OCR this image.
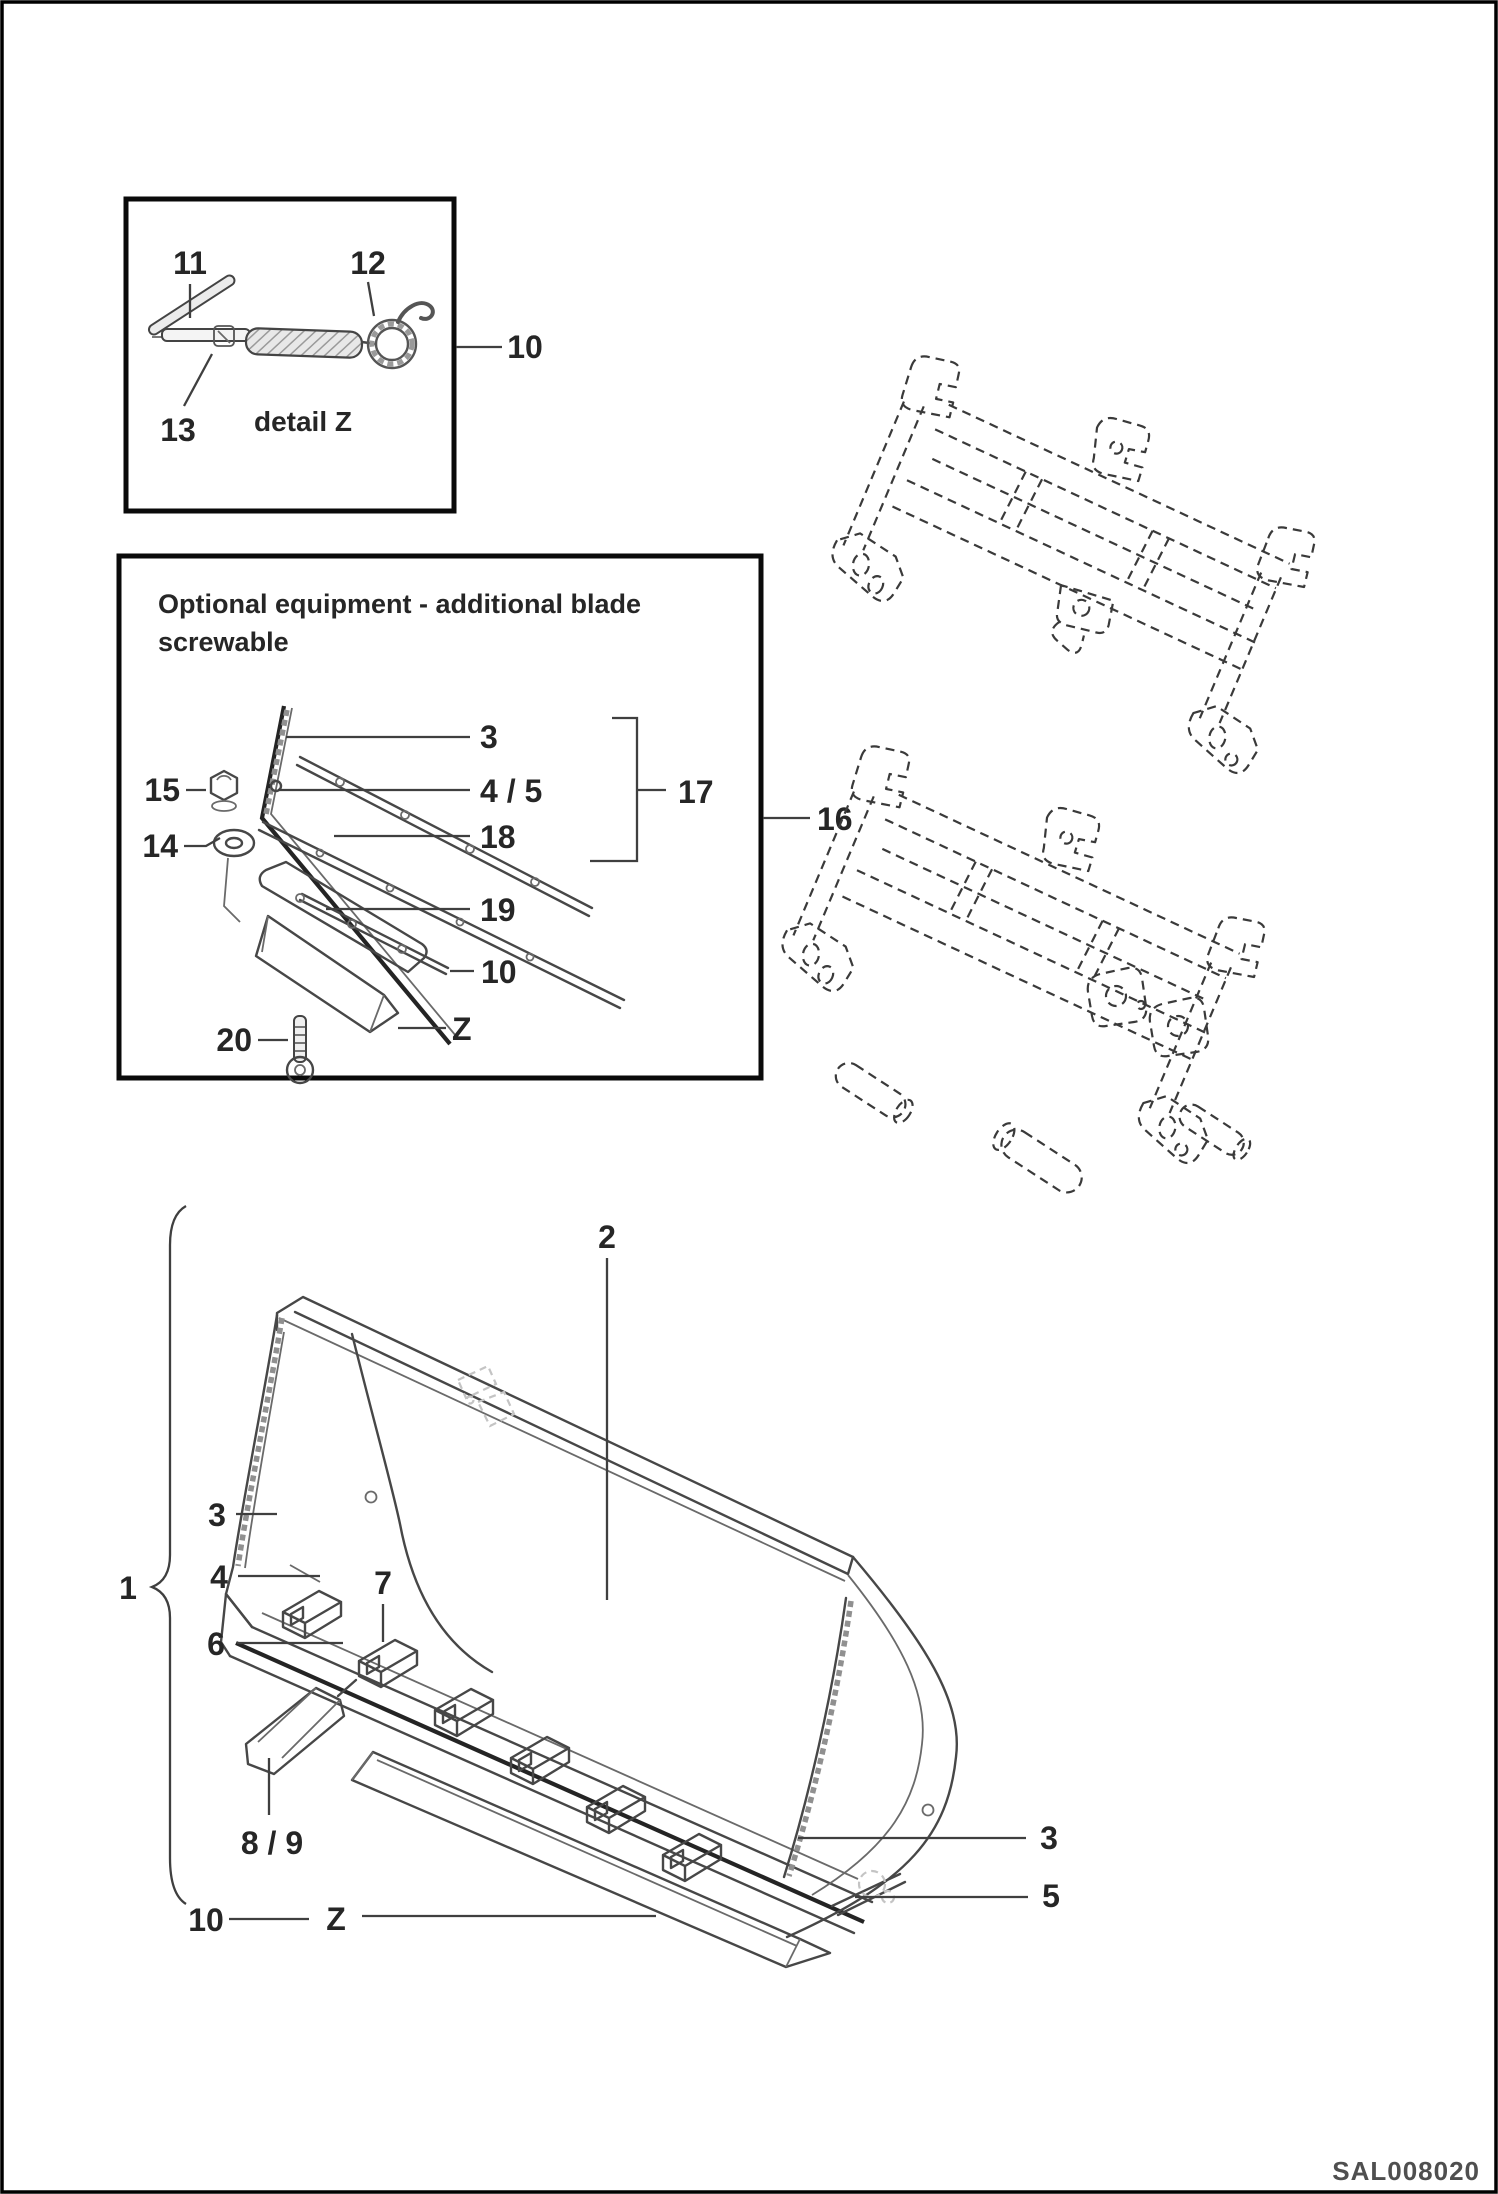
11	12
13 detail Z
10
Optional equipment - additional blade
screwable
15
14
3
4 / 5
18
19
10
Z
20
17
16
1
2
3
4
6
7
8 / 9
10	Z
3
5
SAL008020
